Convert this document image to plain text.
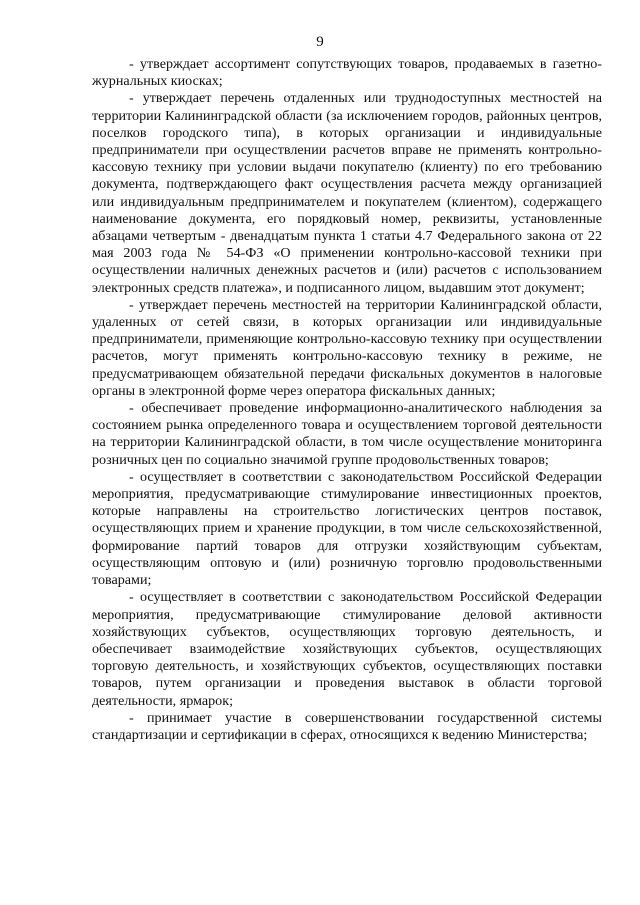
9

- утверждает ассортимент сопутствующих товаров, продаваемых в газетно-журнальных киосках;

- утверждает перечень отдаленных или труднодоступных местностей на территории Калининградской области (за исключением городов, районных центров, поселков городского типа), в которых организации и индивидуальные предприниматели при осуществлении расчетов вправе не применять контрольно-кассовую технику при условии выдачи покупателю (клиенту) по его требованию документа, подтверждающего факт осуществления расчета между организацией или индивидуальным предпринимателем и покупателем (клиентом), содержащего наименование документа, его порядковый номер, реквизиты, установленные абзацами четвертым - двенадцатым пункта 1 статьи 4.7 Федерального закона от 22 мая 2003 года № 54-ФЗ «О применении контрольно-кассовой техники при осуществлении наличных денежных расчетов и (или) расчетов с использованием электронных средств платежа», и подписанного лицом, выдавшим этот документ;

- утверждает перечень местностей на территории Калининградской области, удаленных от сетей связи, в которых организации или индивидуальные предприниматели, применяющие контрольно-кассовую технику при осуществлении расчетов, могут применять контрольно-кассовую технику в режиме, не предусматривающем обязательной передачи фискальных документов в налоговые органы в электронной форме через оператора фискальных данных;

- обеспечивает проведение информационно-аналитического наблюдения за состоянием рынка определенного товара и осуществлением торговой деятельности на территории Калининградской области, в том числе осуществление мониторинга розничных цен по социально значимой группе продовольственных товаров;

- осуществляет в соответствии с законодательством Российской Федерации мероприятия, предусматривающие стимулирование инвестиционных проектов, которые направлены на строительство логистических центров поставок, осуществляющих прием и хранение продукции, в том числе сельскохозяйственной, формирование партий товаров для отгрузки хозяйствующим субъектам, осуществляющим оптовую и (или) розничную торговлю продовольственными товарами;

- осуществляет в соответствии с законодательством Российской Федерации мероприятия, предусматривающие стимулирование деловой активности хозяйствующих субъектов, осуществляющих торговую деятельность, и обеспечивает взаимодействие хозяйствующих субъектов, осуществляющих торговую деятельность, и хозяйствующих субъектов, осуществляющих поставки товаров, путем организации и проведения выставок в области торговой деятельности, ярмарок;

- принимает участие в совершенствовании государственной системы стандартизации и сертификации в сферах, относящихся к ведению Министерства;
